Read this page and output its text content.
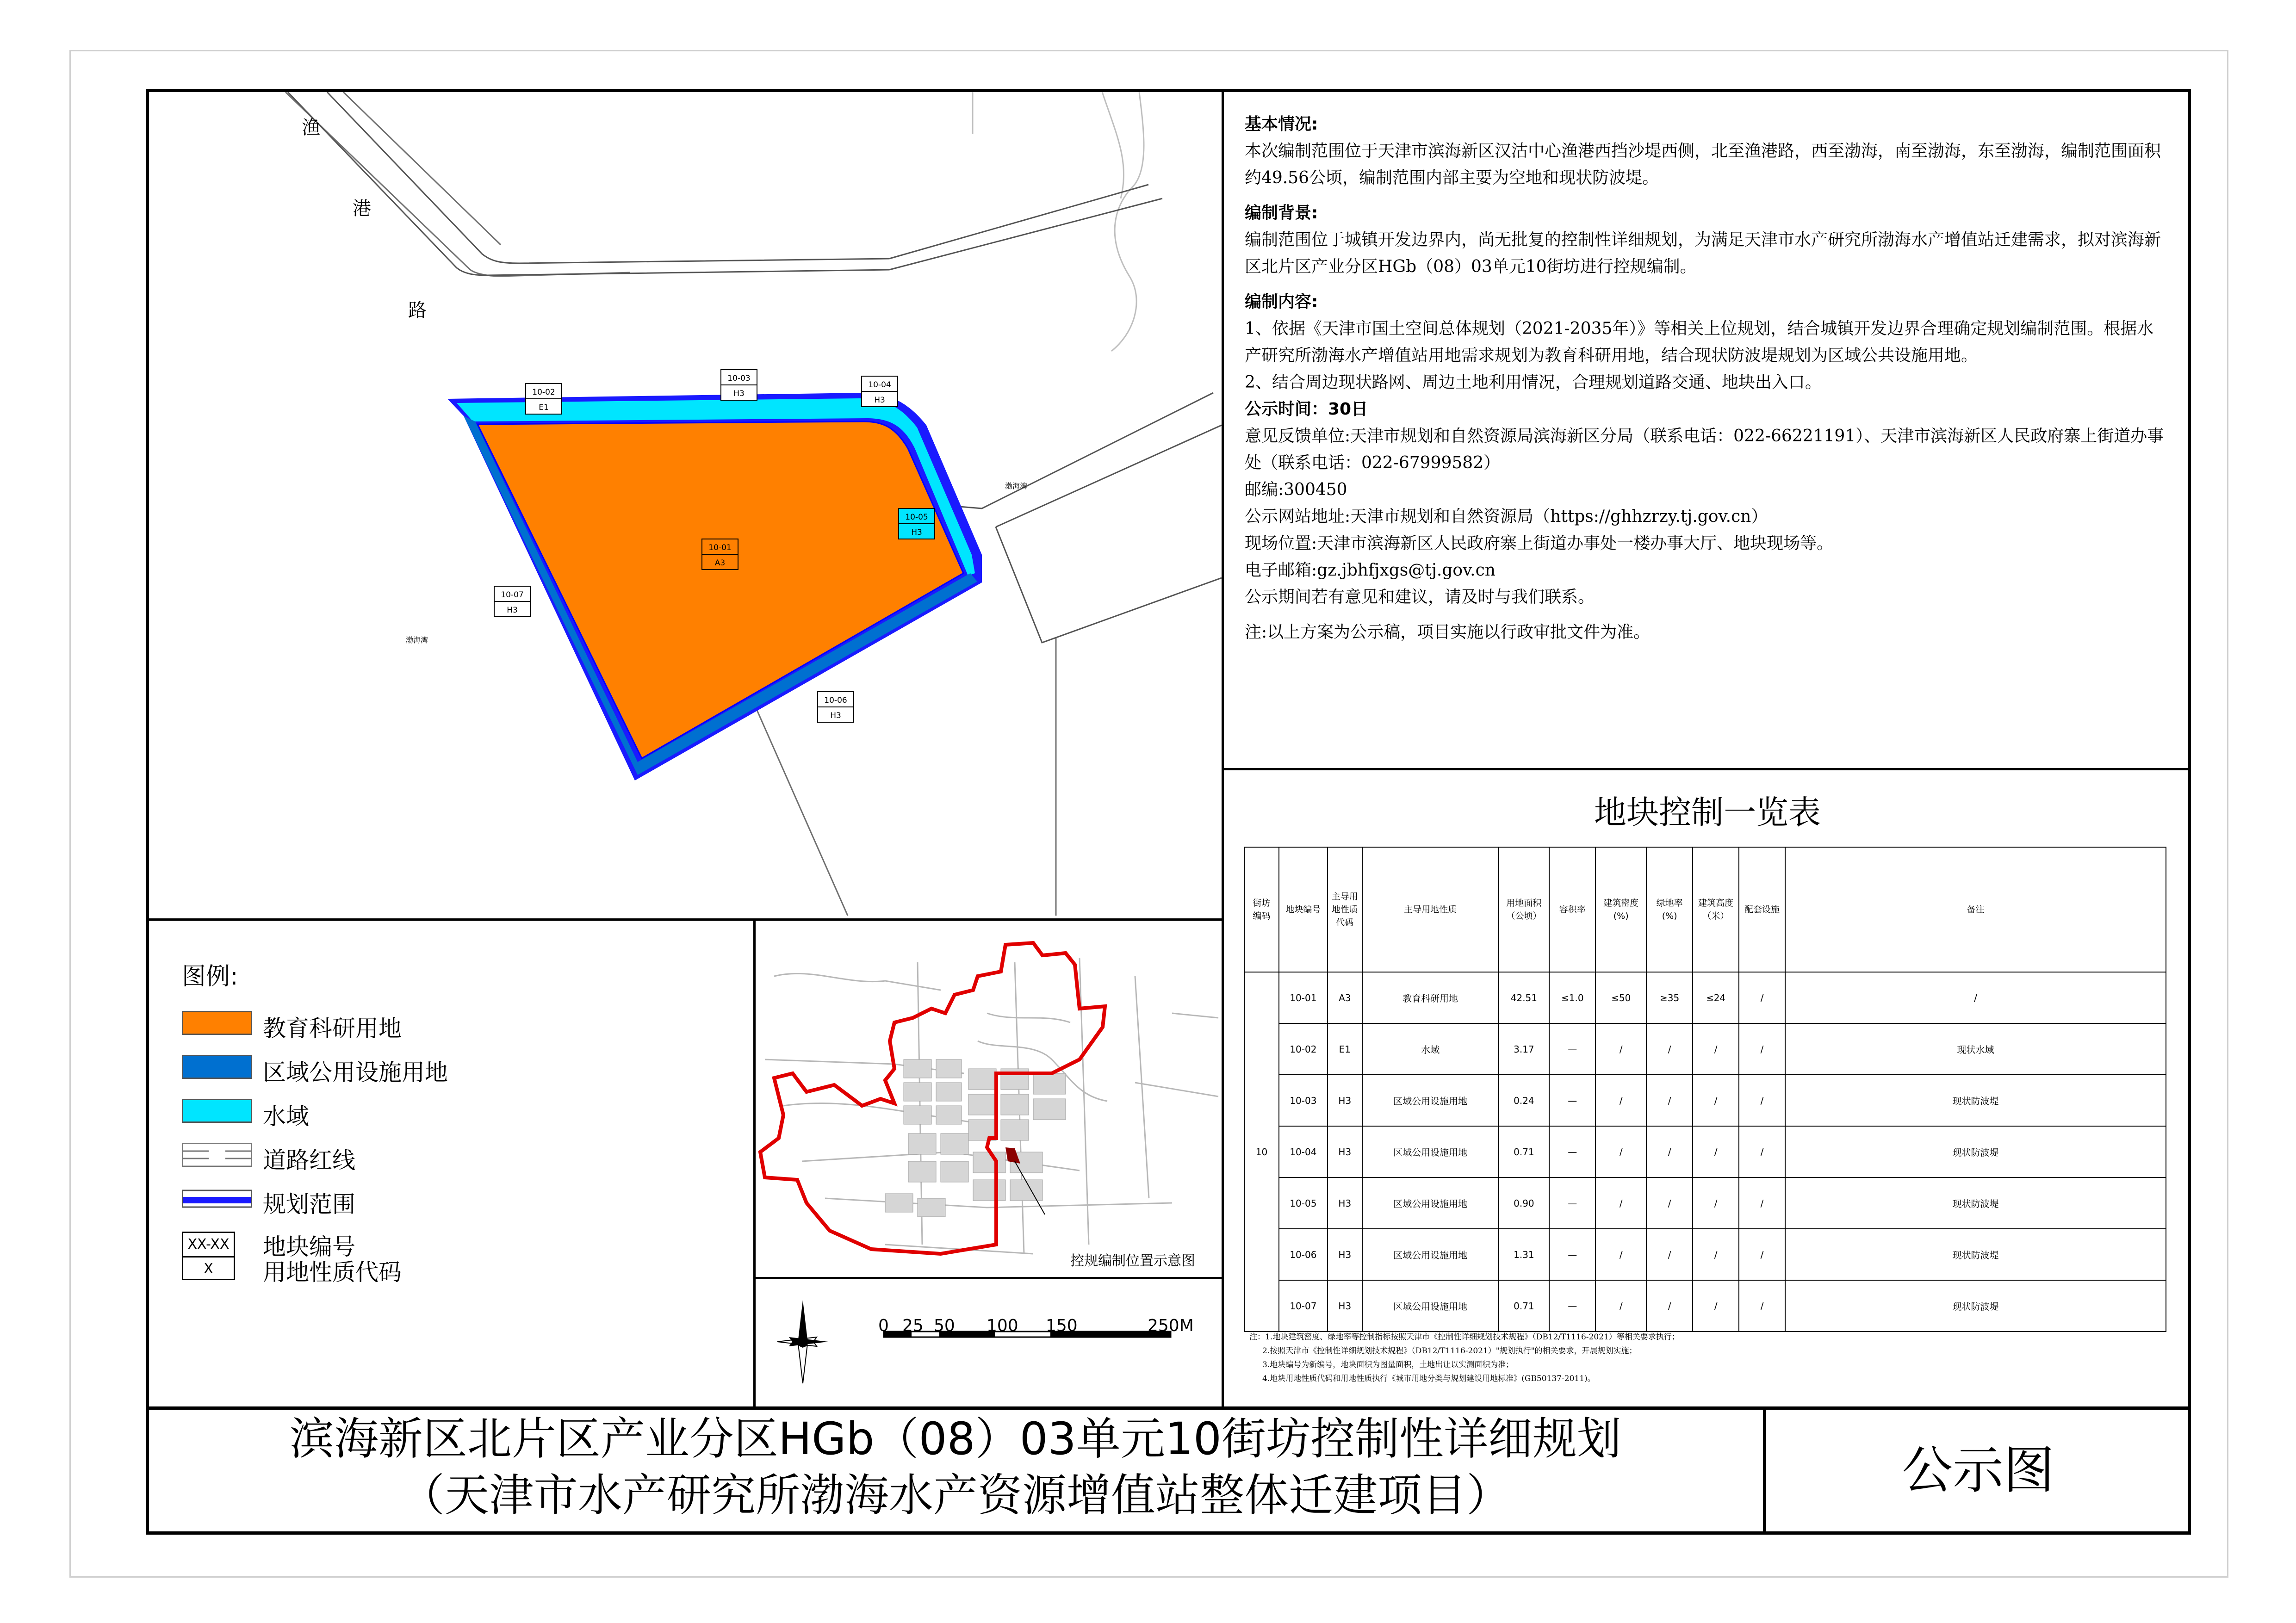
渔
港
路
渤海湾
渤海湾
10-01
A3
10-02
E1
10-03
H3
10-04
H3
10-05
H3
10-06
H3
10-07
H3

基本情况:

本次编制范围位于天津市滨海新区汉沽中心渔港西挡沙堤西侧，北至渔港路，西至渤海，南至渤海，东至渤海，编制范围面积约49.56公顷，编制范围内部主要为空地和现状防波堤。

编制背景:

编制范围位于城镇开发边界内，尚无批复的控制性详细规划，为满足天津市水产研究所渤海水产增值站迁建需求，拟对滨海新区北片区产业分区HGb（08）03单元10街坊进行控规编制。

编制内容:

1、依据《天津市国土空间总体规划（2021-2035年）》等相关上位规划，结合城镇开发边界合理确定规划编制范围。根据水产研究所渤海水产增值站用地需求规划为教育科研用地，结合现状防波堤规划为区域公共设施用地。

2、结合周边现状路网、周边土地利用情况，合理规划道路交通、地块出入口。

公示时间：30日

意见反馈单位:天津市规划和自然资源局滨海新区分局（联系电话：022-66221191）、天津市滨海新区人民政府寨上街道办事处（联系电话：022-67999582）

邮编:300450

公示网站地址:天津市规划和自然资源局（https://ghhzrzy.tj.gov.cn）

现场位置:天津市滨海新区人民政府寨上街道办事处一楼办事大厅、地块现场等。

电子邮箱:gz.jbhfjxgs@tj.gov.cn

公示期间若有意见和建议，请及时与我们联系。

注:以上方案为公示稿，项目实施以行政审批文件为准。

地块控制一览表
街坊
编码	地块编号	主导用
地性质
代码	主导用地性质	用地面积
（公顷）	容积率	建筑密度
(%)	绿地率
(%)	建筑高度
（米）	配套设施	备注
10	10-01	A3	教育科研用地	42.51	≤1.0	≤50	≥35	≤24	/	/
	10-02	E1	水域	3.17	—	/	/	/	/	现状水域
	10-03	H3	区域公用设施用地	0.24	—	/	/	/	/	现状防波堤
	10-04	H3	区域公用设施用地	0.71	—	/	/	/	/	现状防波堤
	10-05	H3	区域公用设施用地	0.90	—	/	/	/	/	现状防波堤
	10-06	H3	区域公用设施用地	1.31	—	/	/	/	/	现状防波堤
	10-07	H3	区域公用设施用地	0.71	—	/	/	/	/	现状防波堤

注：1.地块建筑密度、绿地率等控制指标按照天津市《控制性详细规划技术规程》（DB12/T1116-2021）等相关要求执行；

2.按照天津市《控制性详细规划技术规程》（DB12/T1116-2021）"规划执行"的相关要求，开展规划实施；

3.地块编号为新编号，地块面积为图量面积，土地出让以实测面积为准；

4.地块用地性质代码和用地性质执行《城市用地分类与规划建设用地标准》(GB50137-2011)。

图例:
教育科研用地
区域公用设施用地
水域
道路红线
规划范围
XX-XX
X
地块编号
用地性质代码	控规编制位置示意图
0 25 50 100 150	250M
滨海新区北片区产业分区HGb（08）03单元10街坊控制性详细规划
（天津市水产研究所渤海水产资源增值站整体迁建项目）	公示图
